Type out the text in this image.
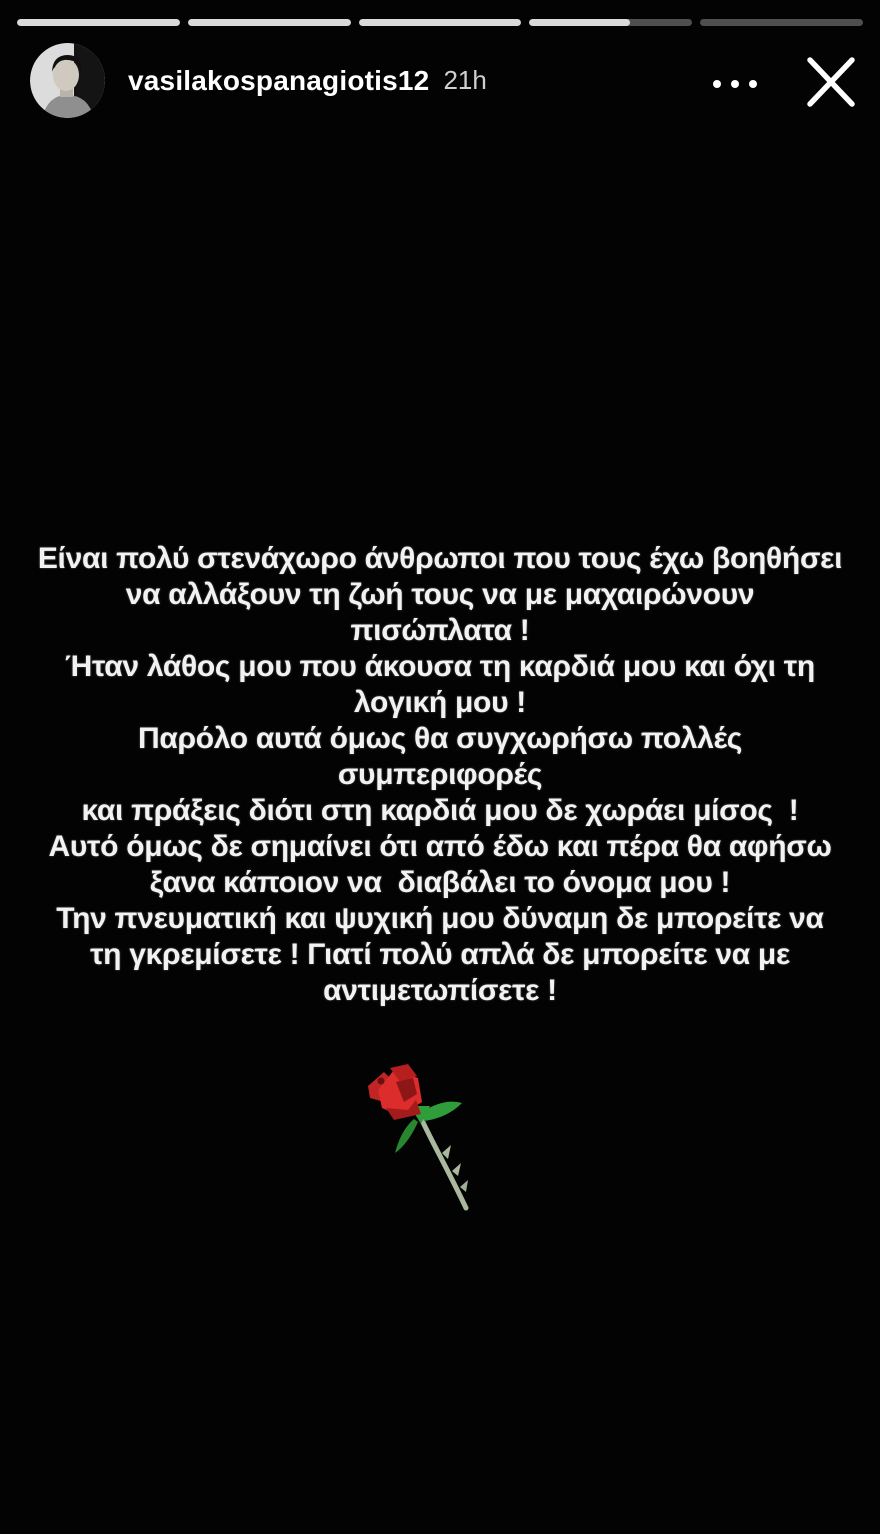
vasilakospanagiotis12 21h
Είναι πολύ στενάχωρο άνθρωποι που τους έχω βοηθήσει
να αλλάξουν τη ζωή τους να με μαχαιρώνουν
πισώπλατα !
Ήταν λάθος μου που άκουσα τη καρδιά μου και όχι τη
λογική μου !
Παρόλο αυτά όμως θα συγχωρήσω πολλές συμπεριφορές
και πράξεις διότι στη καρδιά μου δε χωράει μίσος  !
Αυτό όμως δε σημαίνει ότι από έδω και πέρα θα αφήσω
ξανα κάποιον να  διαβάλει το όνομα μου !
Την πνευματική και ψυχική μου δύναμη δε μπορείτε να
τη γκρεμίσετε ! Γιατί πολύ απλά δε μπορείτε να με
αντιμετωπίσετε !
